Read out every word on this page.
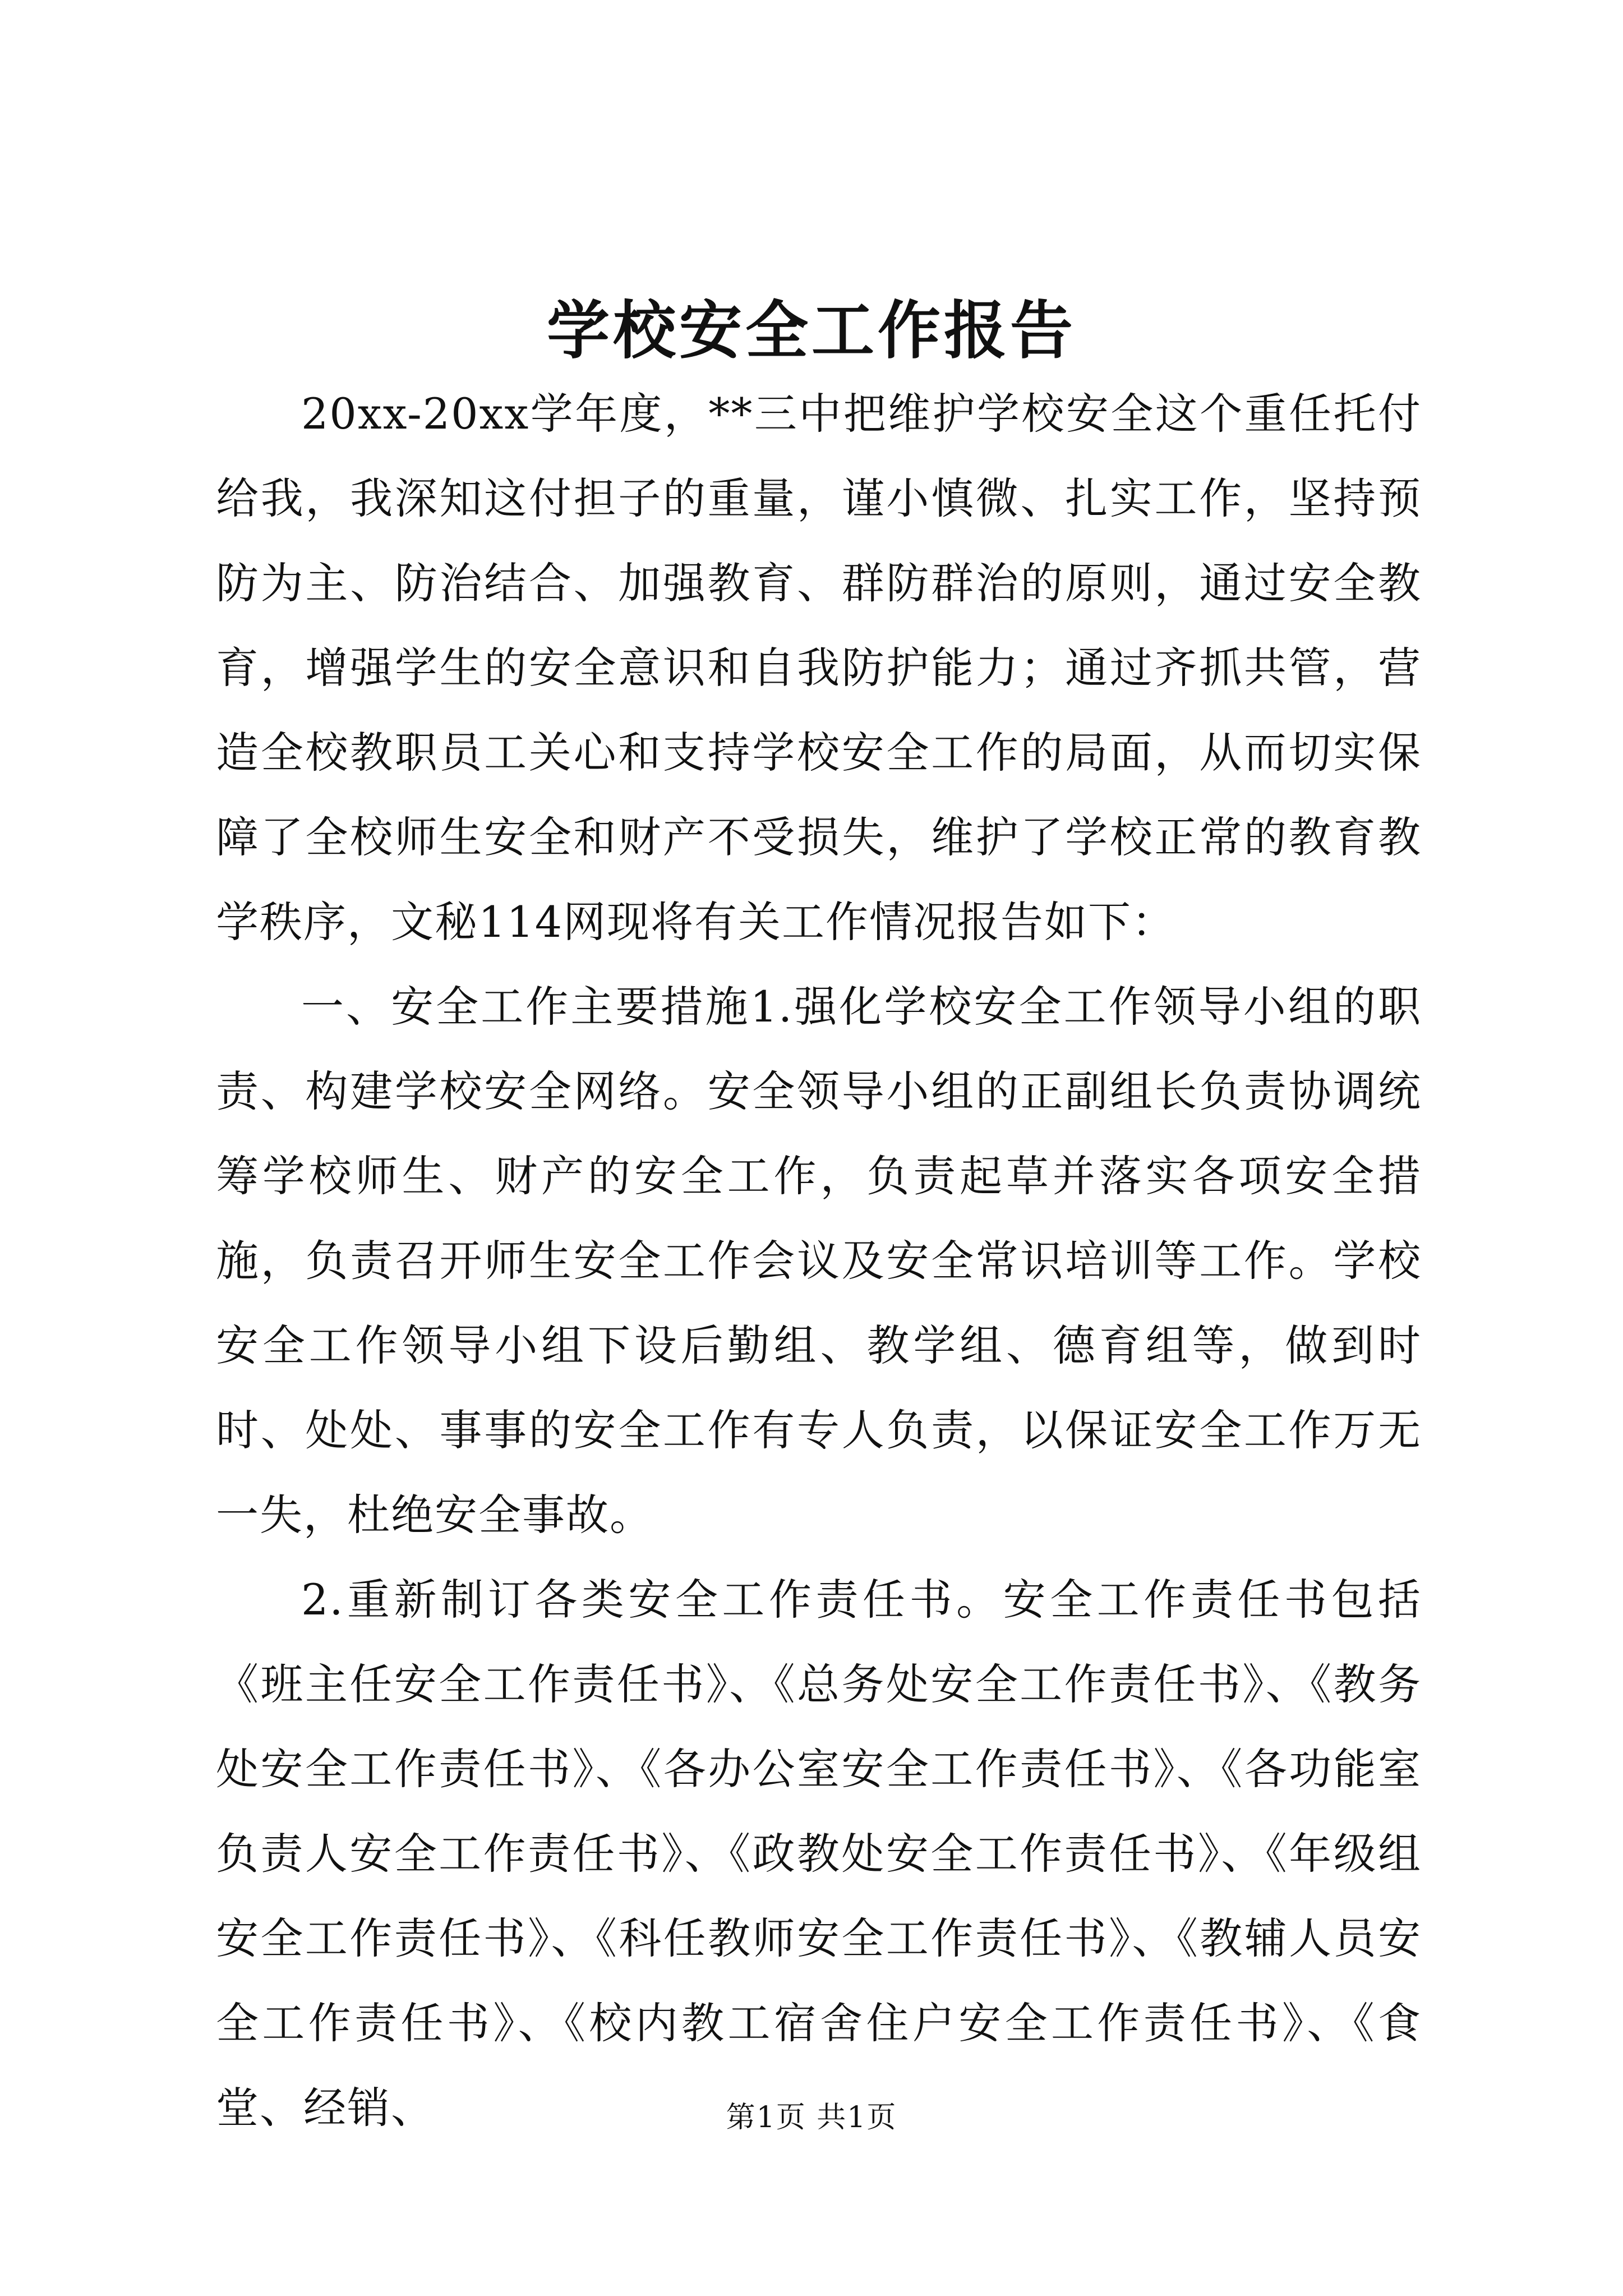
学校安全工作报告

20xx-20xx学年度，**三中把维护学校安全这个重任托付给我，我深知这付担子的重量，谨小慎微、扎实工作，坚持预防为主、防治结合、加强教育、群防群治的原则，通过安全教育，增强学生的安全意识和自我防护能力；通过齐抓共管，营造全校教职员工关心和支持学校安全工作的局面，从而切实保障了全校师生安全和财产不受损失，维护了学校正常的教育教学秩序，文秘114网现将有关工作情况报告如下：

一、安全工作主要措施1.强化学校安全工作领导小组的职责、构建学校安全网络。安全领导小组的正副组长负责协调统筹学校师生、财产的安全工作，负责起草并落实各项安全措施，负责召开师生安全工作会议及安全常识培训等工作。学校安全工作领导小组下设后勤组、教学组、德育组等，做到时时、处处、事事的安全工作有专人负责，以保证安全工作万无一失，杜绝安全事故。

2.重新制订各类安全工作责任书。安全工作责任书包括《班主任安全工作责任书》、《总务处安全工作责任书》、《教务处安全工作责任书》、《各办公室安全工作责任书》、《各功能室负责人安全工作责任书》、《政教处安全工作责任书》、《年级组安全工作责任书》、《科任教师安全工作责任书》、《教辅人员安全工作责任书》、《校内教工宿舍住户安全工作责任书》、《食堂、经销、	第1页 共1页
